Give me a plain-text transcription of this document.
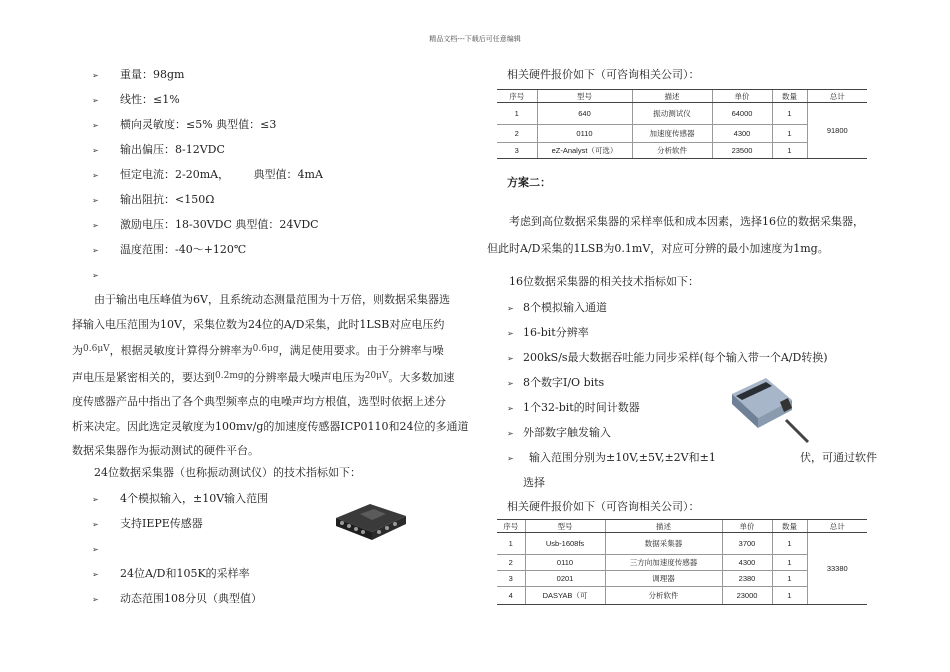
精品文档---下载后可任意编辑
➢ 重量：98gm
➢ 线性：≤1%
➢ 横向灵敏度：≤5% 典型值：≤3
➢ 输出偏压：8-12VDC
➢ 恒定电流：2-20mA，       典型值：4mA
➢ 输出阻抗：<150Ω
➢ 激励电压：18-30VDC 典型值：24VDC
➢ 温度范围：-40～+120℃
➢
　　由于输出电压峰值为6V，且系统动态测量范围为十万倍，则数据采集器选
择输入电压范围为10V，采集位数为24位的A/D采集，此时1LSB对应电压约
为$^{0.6\mu V}$，根据灵敏度计算得分辨率为$^{0.6\mu g}$，满足使用要求。由于分辨率与噪
声电压是紧密相关的，要达到$^{0.2mg}$的分辨率最大噪声电压为$^{20\mu V}$。大多数加速
度传感器产品中指出了各个典型频率点的电噪声均方根值，选型时依据上述分
析来决定。因此选定灵敏度为100mv/g的加速度传感器ICP0110和24位的多通道
数据采集器作为振动测试的硬件平台。
　　24位数据采集器（也称振动测试仪）的技术指标如下：
➢ 4个模拟输入，±10V输入范围
➢ 支持IEPE传感器
➢
➢ 24位A/D和105K的采样率
➢ 动态范围108分贝（典型值）
相关硬件报价如下（可咨询相关公司）：
序号	型号	描述	单价	数量	总计
1	640	振动测试仪	64000	1	91800
2	0110	加速度传感器	4300	1	
3	eZ-Analyst（可选）	分析软件	23500	1	
方案二：
　　考虑到高位数据采集器的采样率低和成本因素，选择16位的数据采集器，
但此时A/D采集的1LSB为0.1mV，对应可分辨的最小加速度为1mg。
　　16位数据采集器的相关技术指标如下：
➢ 8个模拟输入通道
➢ 16-bit分辨率
➢ 200kS/s最大数据吞吐能力同步采样(每个输入带一个A/D转换)
➢ 8个数字I/O bits
➢ 1个32-bit的时间计数器
➢ 外部数字触发输入
➢ 输入范围分别为±10V,±5V,±2V和±1	伏，可通过软件
选择
相关硬件报价如下（可咨询相关公司）：
序号	型号	描述	单价	数量	总计
1	Usb-1608fs	数据采集器	3700	1	33380
2	0110	三方向加速度传感器	4300	1	
3	0201	调理器	2380	1	
4	DASYAB（可	分析软件	23000	1	
